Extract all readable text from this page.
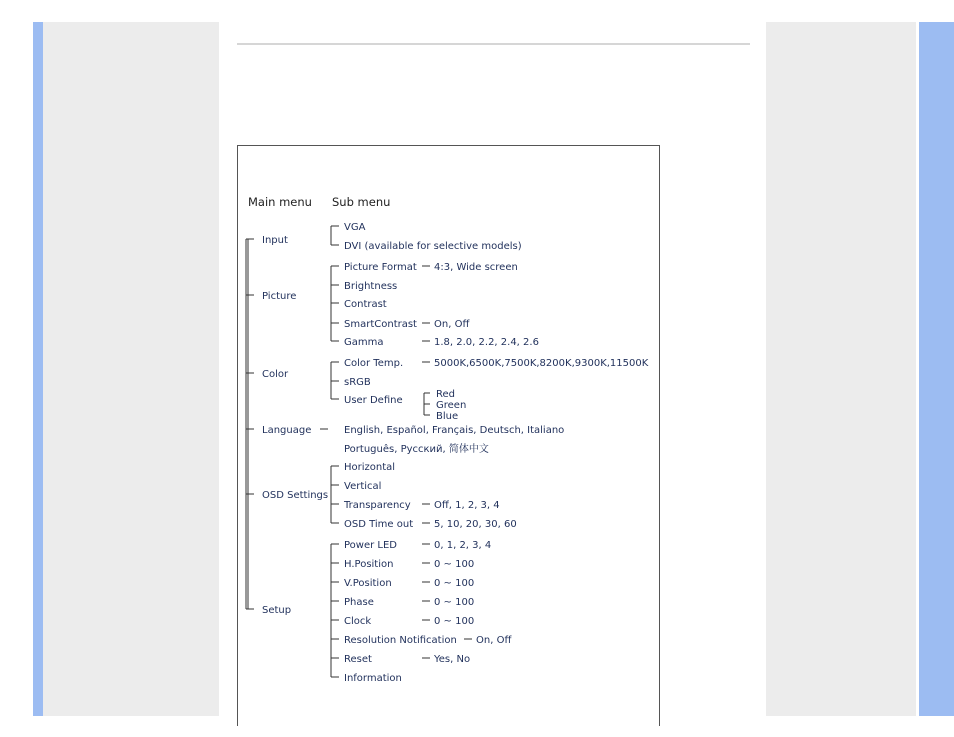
Main menu Sub menu
Input
VGA
DVI (available for selective models)
Picture
Picture Format 4:3, Wide screen
Brightness
Contrast
SmartContrast On, Off
Gamma	1.8, 2.0, 2.2, 2.4, 2.6
Color
Color Temp.	5000K,6500K,7500K,8200K,9300K,11500K
sRGB
User Define
Red
Green
Blue
Language	English, Español, Français, Deutsch, Italiano
Português, Русский, 简体中文
OSD Settings
Horizontal
Vertical
Transparency Off, 1, 2, 3, 4
OSD Time out 5, 10, 20, 30, 60
Setup
Power LED	0, 1, 2, 3, 4
H.Position	0 ~ 100
V.Position	0 ~ 100
Phase	0 ~ 100
Clock	0 ~ 100
Resolution Notification On, Off
Reset	Yes, No
Information
